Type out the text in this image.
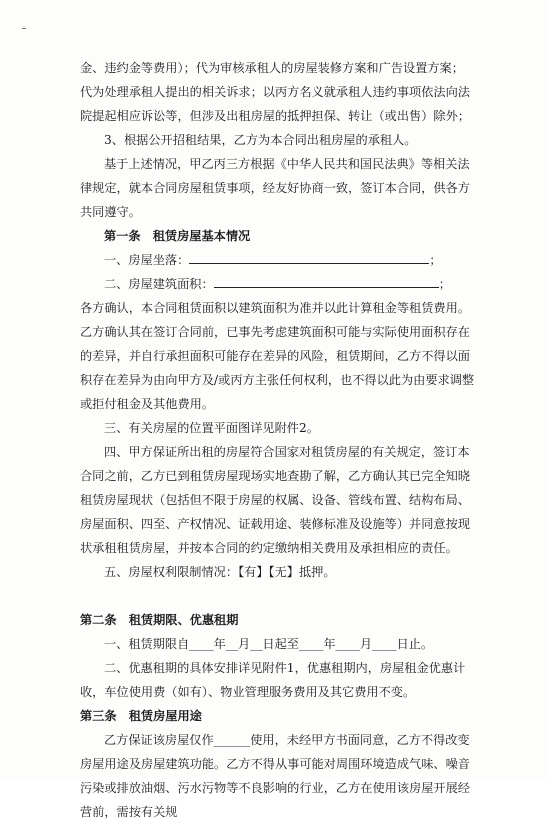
金、违约金等费用）；代为审核承租人的房屋装修方案和广告设置方案；代为处理承租人提出的相关诉求；以丙方名义就承租人违约事项依法向法院提起相应诉讼等，但涉及出租房屋的抵押担保、转让（或出售）除外；

3、根据公开招租结果，乙方为本合同出租房屋的承租人。

基于上述情况，甲乙丙三方根据《中华人民共和国民法典》等相关法律规定，就本合同房屋租赁事项，经友好协商一致，签订本合同，供各方共同遵守。

第一条　租赁房屋基本情况

一、房屋坐落：	；

二、房屋建筑面积：	；

各方确认，本合同租赁面积以建筑面积为准并以此计算租金等租赁费用。乙方确认其在签订合同前，已事先考虑建筑面积可能与实际使用面积存在的差异，并自行承担面积可能存在差异的风险，租赁期间，乙方不得以面积存在差异为由向甲方及/或丙方主张任何权利，也不得以此为由要求调整或拒付租金及其他费用。

三、有关房屋的位置平面图详见附件2。

四、甲方保证所出租的房屋符合国家对租赁房屋的有关规定，签订本合同之前，乙方已到租赁房屋现场实地查勘了解，乙方确认其已完全知晓租赁房屋现状（包括但不限于房屋的权属、设备、管线布置、结构布局、房屋面积、四至、产权情况、证载用途、装修标准及设施等）并同意按现状承租租赁房屋，并按本合同的约定缴纳相关费用及承担相应的责任。

五、房屋权利限制情况：【有】【无】抵押。

第二条　租赁期限、优惠租期

一、租赁期限自____年__月__日起至____年____月____日止。

二、优惠租期的具体安排详见附件1，优惠租期内，房屋租金优惠计收，车位使用费（如有）、物业管理服务费用及其它费用不变。

第三条　租赁房屋用途

乙方保证该房屋仅作______使用，未经甲方书面同意，乙方不得改变房屋用途及房屋建筑功能。乙方不得从事可能对周围环境造成气味、噪音污染或排放油烟、污水污物等不良影响的行业，乙方在使用该房屋开展经营前，需按有关规
